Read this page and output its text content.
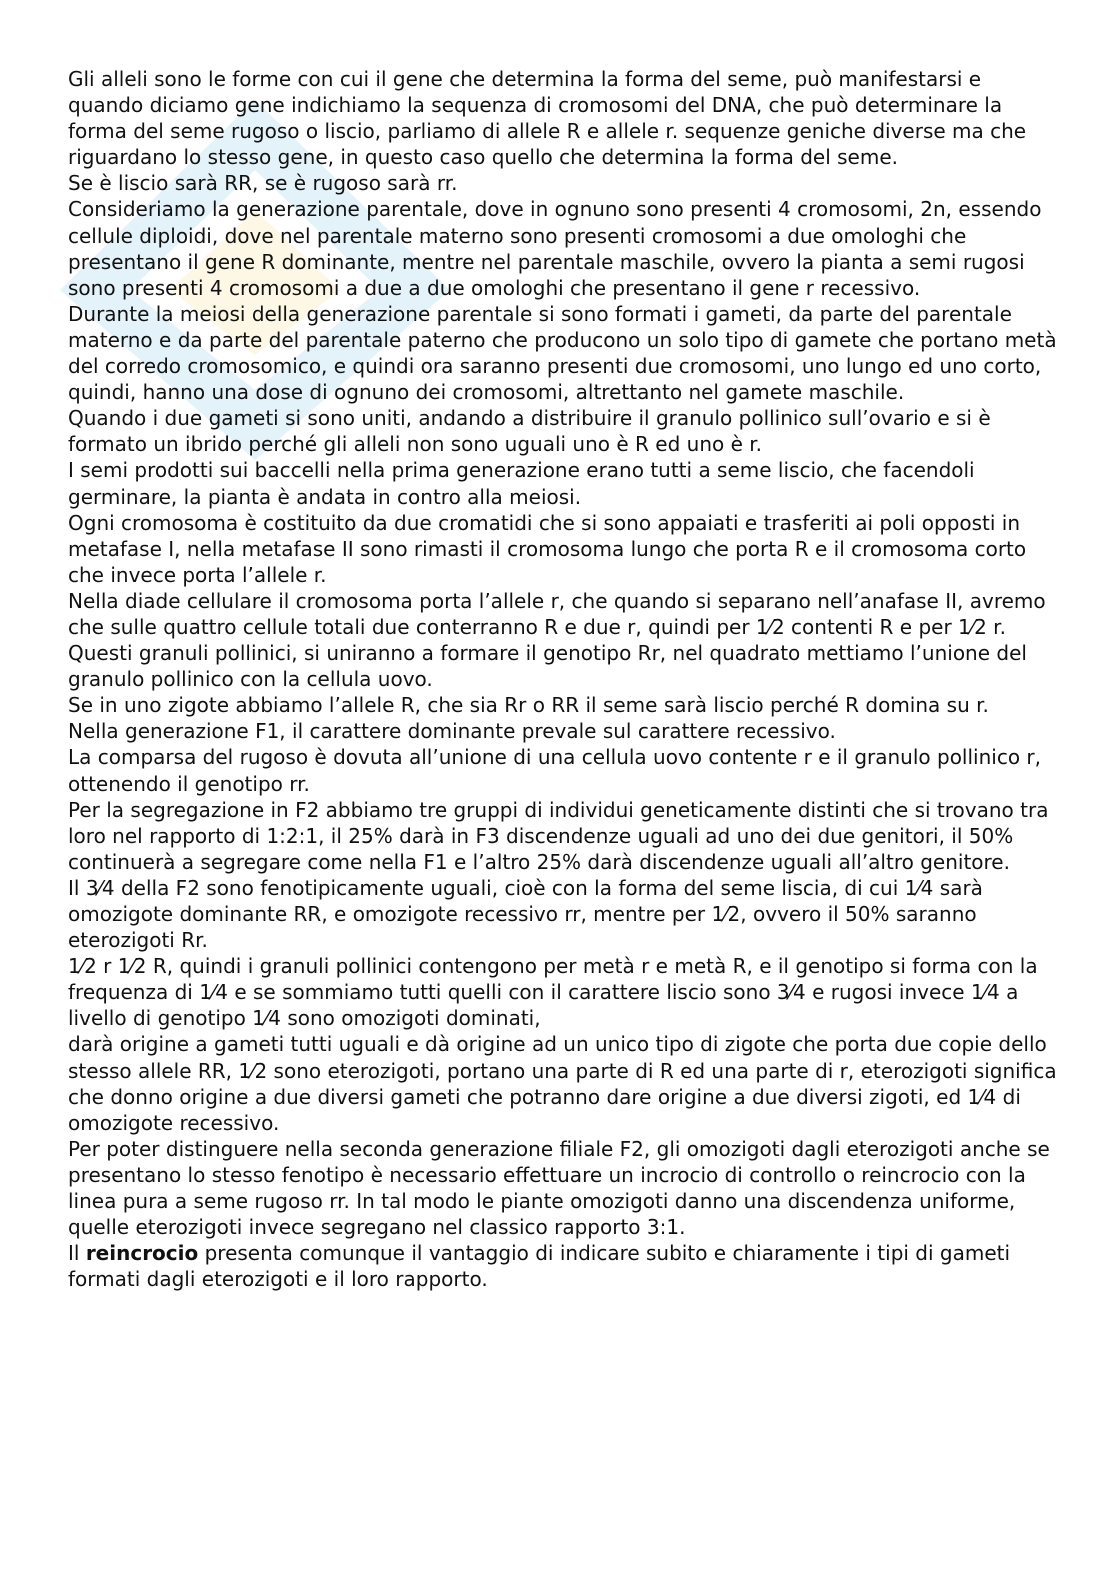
Gli alleli sono le forme con cui il gene che determina la forma del seme, può manifestarsi e quando diciamo gene indichiamo la sequenza di cromosomi del DNA, che può determinare la forma del seme rugoso o liscio, parliamo di allele R e allele r. sequenze geniche diverse ma che riguardano lo stesso gene, in questo caso quello che determina la forma del seme.

Se è liscio sarà RR, se è rugoso sarà rr.

Consideriamo la generazione parentale, dove in ognuno sono presenti 4 cromosomi, 2n, essendo cellule diploidi, dove nel parentale materno sono presenti cromosomi a due omologhi che presentano il gene R dominante, mentre nel parentale maschile, ovvero la pianta a semi rugosi sono presenti 4 cromosomi a due a due omologhi che presentano il gene r recessivo.

Durante la meiosi della generazione parentale si sono formati i gameti, da parte del parentale materno e da parte del parentale paterno che producono un solo tipo di gamete che portano metà del corredo cromosomico, e quindi ora saranno presenti due cromosomi, uno lungo ed uno corto, quindi, hanno una dose di ognuno dei cromosomi, altrettanto nel gamete maschile.

Quando i due gameti si sono uniti, andando a distribuire il granulo pollinico sull’ovario e si è formato un ibrido perché gli alleli non sono uguali uno è R ed uno è r.

I semi prodotti sui baccelli nella prima generazione erano tutti a seme liscio, che facendoli germinare, la pianta è andata in contro alla meiosi.

Ogni cromosoma è costituito da due cromatidi che si sono appaiati e trasferiti ai poli opposti in metafase I, nella metafase II sono rimasti il cromosoma lungo che porta R e il cromosoma corto che invece porta l’allele r.

Nella diade cellulare il cromosoma porta l’allele r, che quando si separano nell’anafase II, avremo che sulle quattro cellule totali due conterranno R e due r, quindi per 1⁄2 contenti R e per 1⁄2 r.

Questi granuli pollinici, si uniranno a formare il genotipo Rr, nel quadrato mettiamo l’unione del granulo pollinico con la cellula uovo.

Se in uno zigote abbiamo l’allele R, che sia Rr o RR il seme sarà liscio perché R domina su r.

Nella generazione F1, il carattere dominante prevale sul carattere recessivo.

La comparsa del rugoso è dovuta all’unione di una cellula uovo contente r e il granulo pollinico r, ottenendo il genotipo rr.

Per la segregazione in F2 abbiamo tre gruppi di individui geneticamente distinti che si trovano tra loro nel rapporto di 1:2:1, il 25% darà in F3 discendenze uguali ad uno dei due genitori, il 50% continuerà a segregare come nella F1 e l’altro 25% darà discendenze uguali all’altro genitore.

Il 3⁄4 della F2 sono fenotipicamente uguali, cioè con la forma del seme liscia, di cui 1⁄4 sarà omozigote dominante RR, e omozigote recessivo rr, mentre per 1⁄2, ovvero il 50% saranno eterozigoti Rr.

1⁄2 r 1⁄2 R, quindi i granuli pollinici contengono per metà r e metà R, e il genotipo si forma con la frequenza di 1⁄4 e se sommiamo tutti quelli con il carattere liscio sono 3⁄4 e rugosi invece 1⁄4 a livello di genotipo 1⁄4 sono omozigoti dominati,

darà origine a gameti tutti uguali e dà origine ad un unico tipo di zigote che porta due copie dello stesso allele RR, 1⁄2 sono eterozigoti, portano una parte di R ed una parte di r, eterozigoti significa che donno origine a due diversi gameti che potranno dare origine a due diversi zigoti, ed 1⁄4 di omozigote recessivo.

Per poter distinguere nella seconda generazione filiale F2, gli omozigoti dagli eterozigoti anche se presentano lo stesso fenotipo è necessario effettuare un incrocio di controllo o reincrocio con la linea pura a seme rugoso rr. In tal modo le piante omozigoti danno una discendenza uniforme, quelle eterozigoti invece segregano nel classico rapporto 3:1.

Il reincrocio presenta comunque il vantaggio di indicare subito e chiaramente i tipi di gameti formati dagli eterozigoti e il loro rapporto.
